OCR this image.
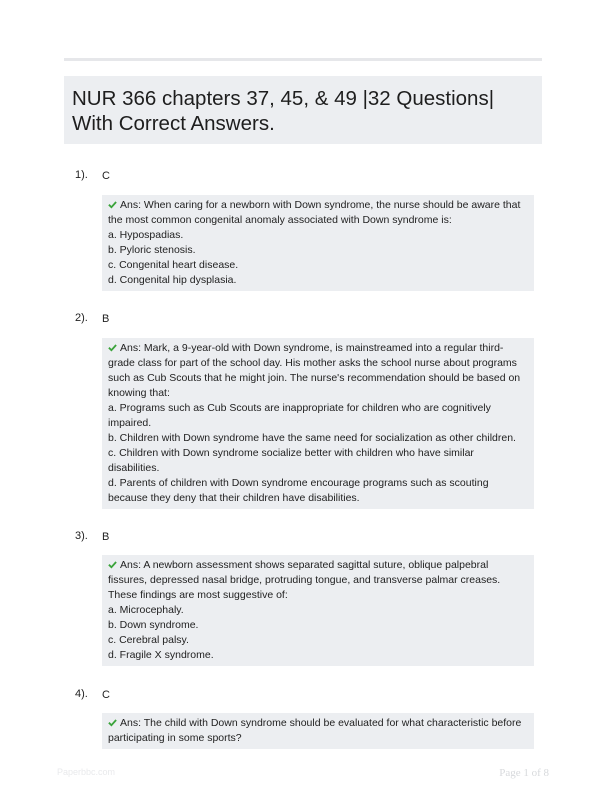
NUR 366 chapters 37, 45, & 49 |32 Questions| With Correct Answers.
1). C
Ans: When caring for a newborn with Down syndrome, the nurse should be aware that
the most common congenital anomaly associated with Down syndrome is:
a. Hypospadias.
b. Pyloric stenosis.
c. Congenital heart disease.
d. Congenital hip dysplasia.
2). B
Ans: Mark, a 9-year-old with Down syndrome, is mainstreamed into a regular third-
grade class for part of the school day. His mother asks the school nurse about programs
such as Cub Scouts that he might join. The nurse's recommendation should be based on
knowing that:
a. Programs such as Cub Scouts are inappropriate for children who are cognitively
impaired.
b. Children with Down syndrome have the same need for socialization as other children.
c. Children with Down syndrome socialize better with children who have similar
disabilities.
d. Parents of children with Down syndrome encourage programs such as scouting
because they deny that their children have disabilities.
3). B
Ans: A newborn assessment shows separated sagittal suture, oblique palpebral
fissures, depressed nasal bridge, protruding tongue, and transverse palmar creases.
These findings are most suggestive of:
a. Microcephaly.
b. Down syndrome.
c. Cerebral palsy.
d. Fragile X syndrome.
4). C
Ans: The child with Down syndrome should be evaluated for what characteristic before
participating in some sports?
Paperbbc.com	Page 1 of 8
